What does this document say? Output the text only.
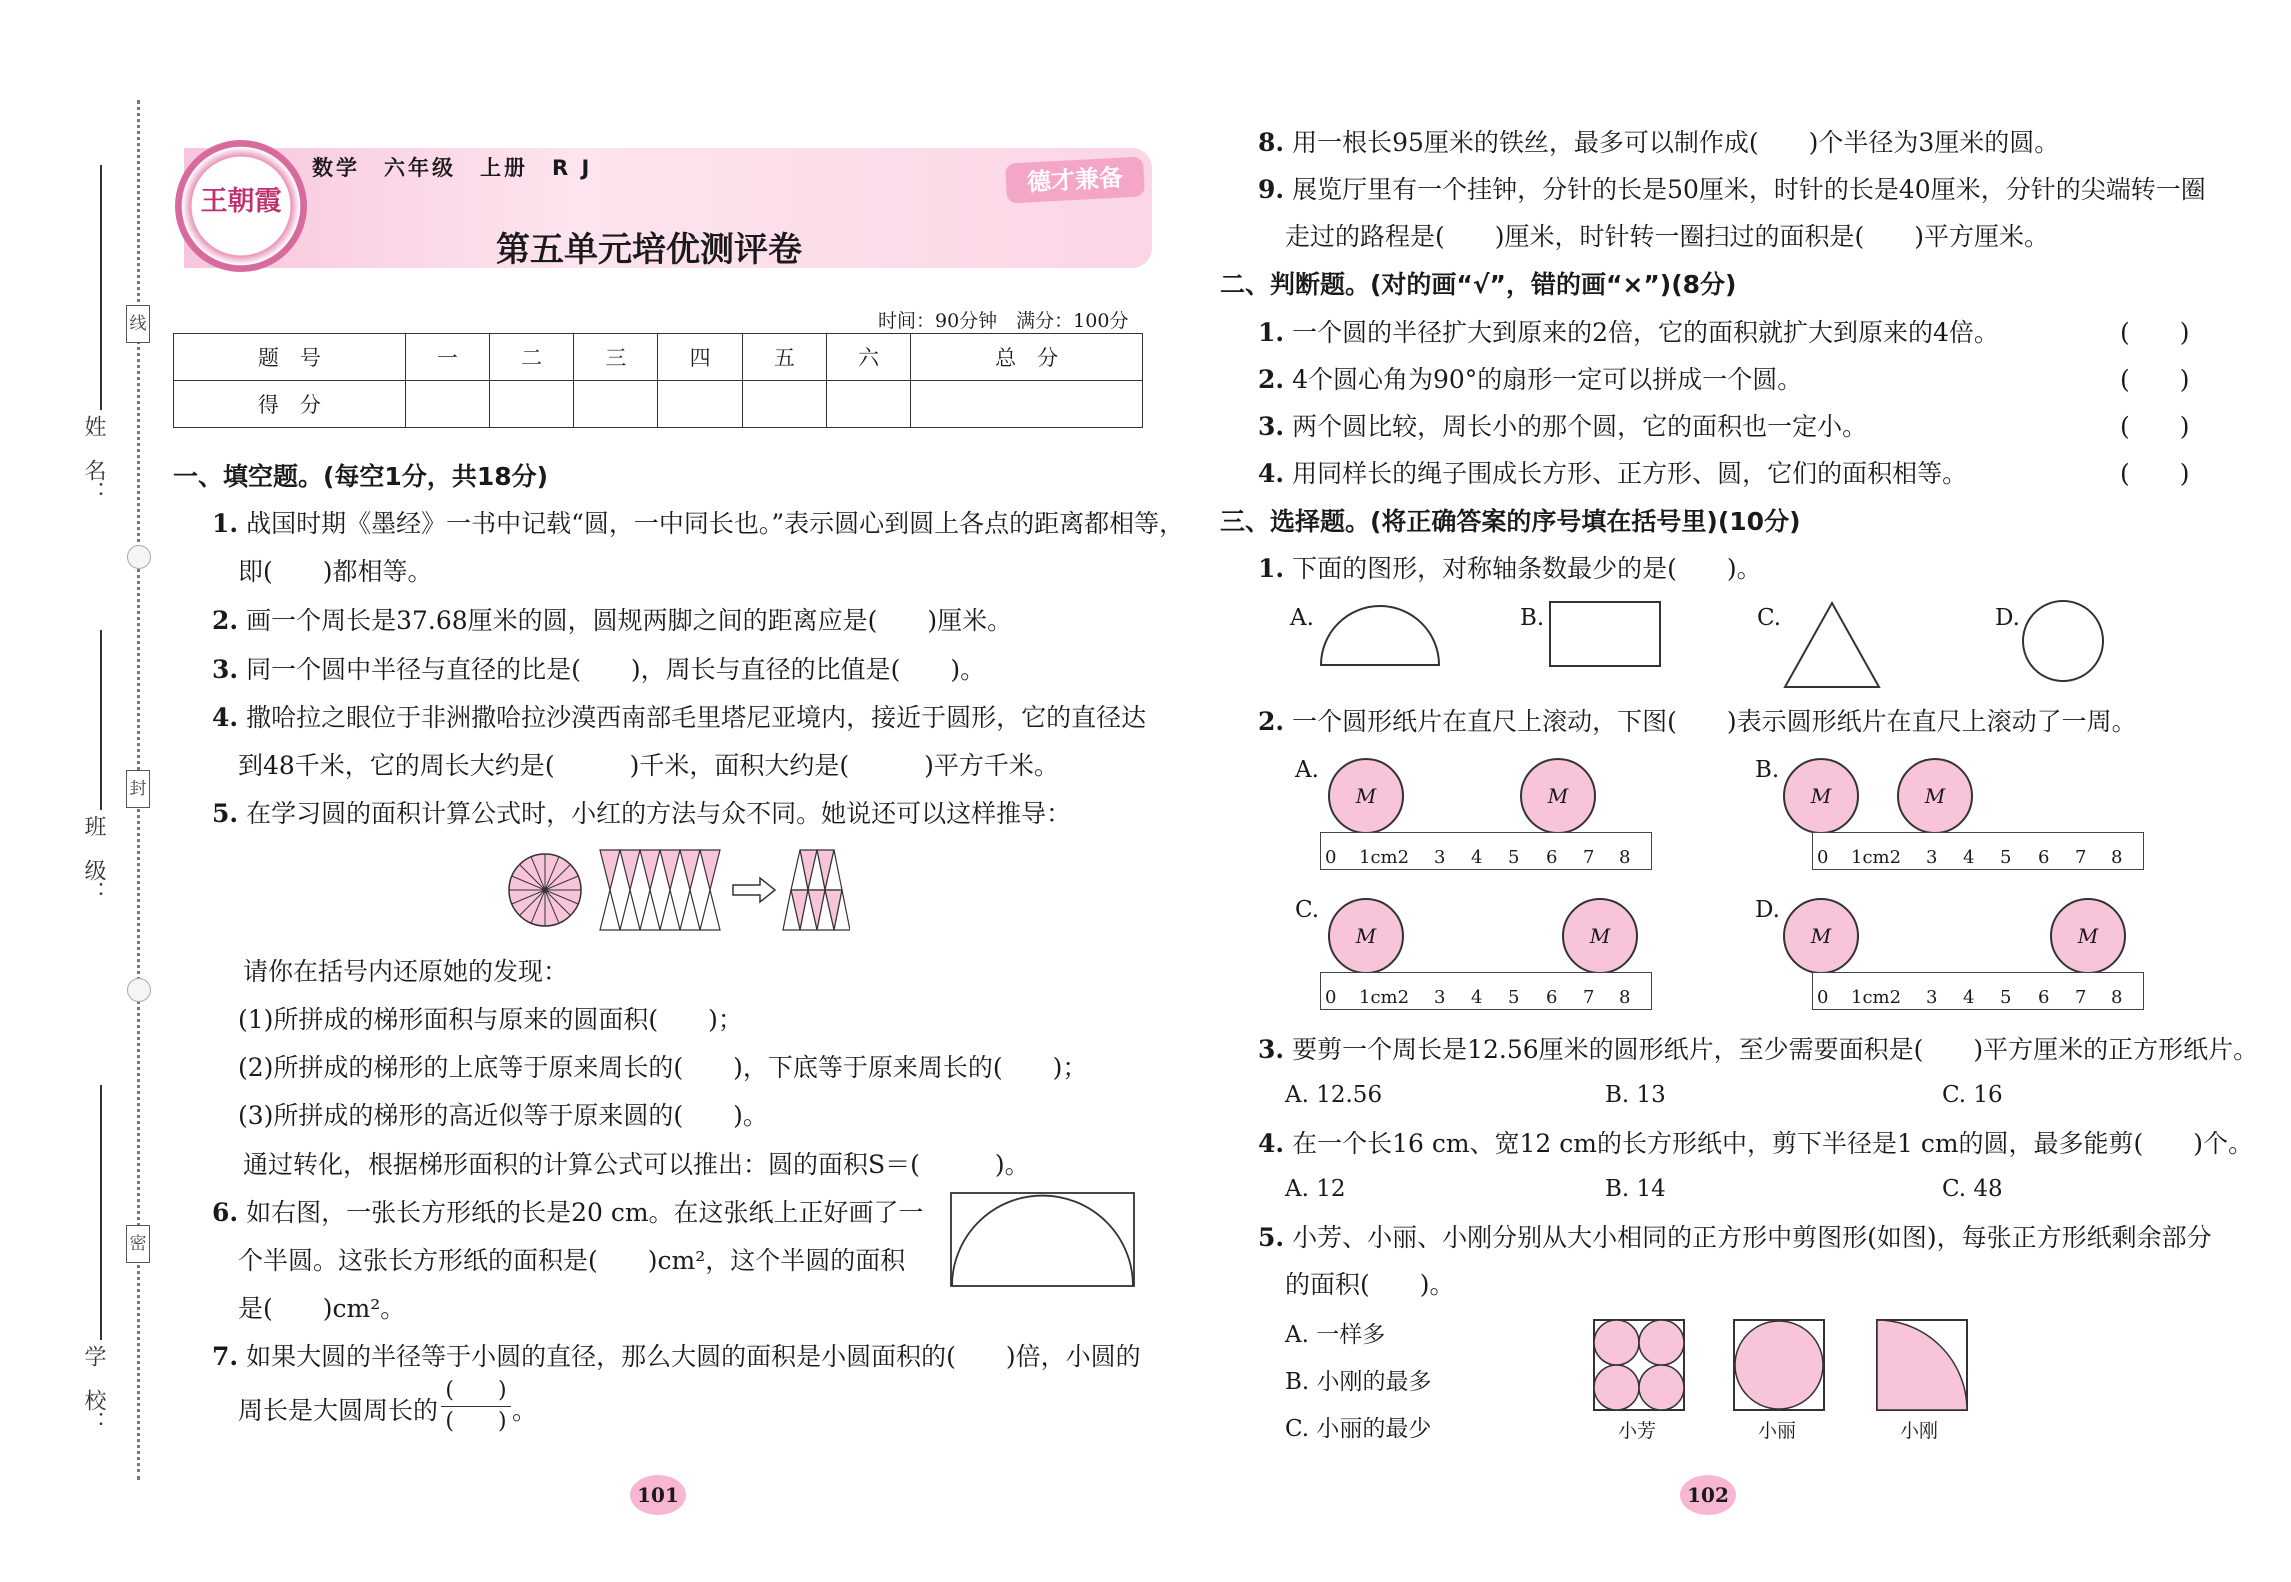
姓　名：
班　级：
学　校：
线
封
密
王朝霞
数学　六年级　上册　R J
第五单元培优测评卷
德才兼备
时间：90分钟　满分：100分
题　号	一	二	三	四	五	六	总　分
得　分							
一、填空题。(每空1分，共18分)
1. 战国时期《墨经》一书中记载“圆，一中同长也。”表示圆心到圆上各点的距离都相等，
即(　　)都相等。
2. 画一个周长是37.68厘米的圆，圆规两脚之间的距离应是(　　)厘米。
3. 同一个圆中半径与直径的比是(　　)，周长与直径的比值是(　　)。
4. 撒哈拉之眼位于非洲撒哈拉沙漠西南部毛里塔尼亚境内，接近于圆形，它的直径达
到48千米，它的周长大约是(　　　)千米，面积大约是(　　　)平方千米。
5. 在学习圆的面积计算公式时，小红的方法与众不同。她说还可以这样推导：
请你在括号内还原她的发现：
(1)所拼成的梯形面积与原来的圆面积(　　)；
(2)所拼成的梯形的上底等于原来周长的(　　)，下底等于原来周长的(　　)；
(3)所拼成的梯形的高近似等于原来圆的(　　)。
通过转化，根据梯形面积的计算公式可以推出：圆的面积S＝(　　　)。
6. 如右图，一张长方形纸的长是20 cm。在这张纸上正好画了一
个半圆。这张长方形纸的面积是(　　)cm²，这个半圆的面积
是(　　)cm²。
7. 如果大圆的半径等于小圆的直径，那么大圆的面积是小圆面积的(　　)倍，小圆的
周长是大圆周长的
(　　)
(　　) 。
101
8. 用一根长95厘米的铁丝，最多可以制作成(　　)个半径为3厘米的圆。
9. 展览厅里有一个挂钟，分针的长是50厘米，时针的长是40厘米，分针的尖端转一圈
走过的路程是(　　)厘米，时针转一圈扫过的面积是(　　)平方厘米。
二、判断题。(对的画“√”，错的画“×”)(8分)
1. 一个圆的半径扩大到原来的2倍，它的面积就扩大到原来的4倍。	(　　)
2. 4个圆心角为90°的扇形一定可以拼成一个圆。	(　　)
3. 两个圆比较，周长小的那个圆，它的面积也一定小。	(　　)
4. 用同样长的绳子围成长方形、正方形、圆，它们的面积相等。	(　　)
三、选择题。(将正确答案的序号填在括号里)(10分)
1. 下面的图形，对称轴条数最少的是(　　)。
A.	B.	C.	D.
2. 一个圆形纸片在直尺上滚动，下图(　　)表示圆形纸片在直尺上滚动了一周。
A.
M	M
0 1cm2 3 4 5 6 7 8
B.
M	M
0 1cm2 3 4 5 6 7 8
C.
M	M
0 1cm2 3 4 5 6 7 8
D.
M	M
0 1cm2 3 4 5 6 7 8
3. 要剪一个周长是12.56厘米的圆形纸片，至少需要面积是(　　)平方厘米的正方形纸片。
A. 12.56	B. 13	C. 16
4. 在一个长16 cm、宽12 cm的长方形纸中，剪下半径是1 cm的圆，最多能剪(　　)个。
A. 12	B. 14	C. 48
5. 小芳、小丽、小刚分别从大小相同的正方形中剪图形(如图)，每张正方形纸剩余部分
的面积(　　)。
A. 一样多
B. 小刚的最多
C. 小丽的最少	小芳	小丽	小刚
102
